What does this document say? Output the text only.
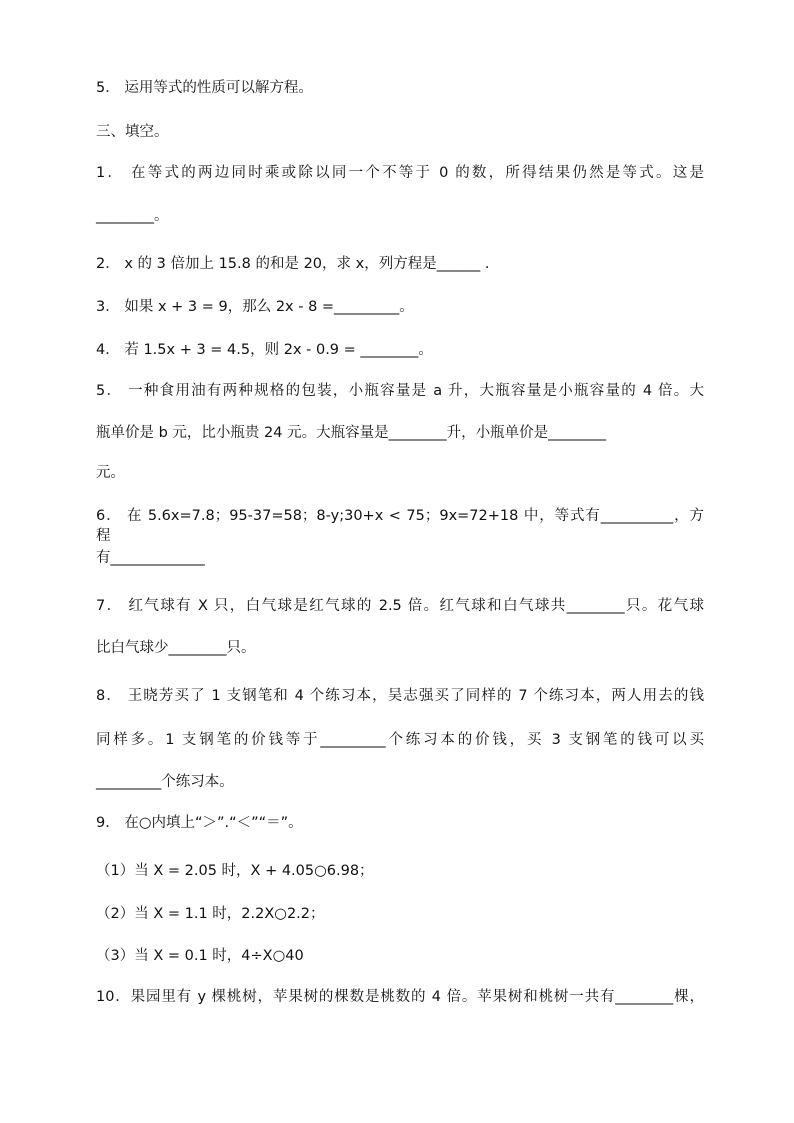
5． 运用等式的性质可以解方程。
三、填空。
1． 在等式的两边同时乘或除以同一个不等于 0 的数，所得结果仍然是等式。这是
________。
2． x 的 3 倍加上 15.8 的和是 20，求 x，列方程是______ .
3． 如果 x + 3 = 9，那么 2x - 8 =_________。
4． 若 1.5x + 3 = 4.5，则 2x - 0.9 = ________。
5． 一种食用油有两种规格的包装，小瓶容量是 a 升，大瓶容量是小瓶容量的 4 倍。大
瓶单价是 b 元，比小瓶贵 24 元。大瓶容量是________升，小瓶单价是________
元。
6． 在 5.6x=7.8；95-37=58；8-y;30+x < 75；9x=72+18 中，等式有__________，方程
有_____________
7． 红气球有 X 只，白气球是红气球的 2.5 倍。红气球和白气球共________只。花气球
比白气球少________只。
8． 王晓芳买了 1 支钢笔和 4 个练习本，吴志强买了同样的 7 个练习本，两人用去的钱
同样多。1 支钢笔的价钱等于_________个练习本的价钱，买 3 支钢笔的钱可以买
_________个练习本。
9． 在○内填上“＞”.“＜”“＝”。
（1）当 X = 2.05 时，X + 4.05○6.98；
（2）当 X = 1.1 时，2.2X○2.2；
（3）当 X = 0.1 时，4÷X○40
10．果园里有 y 棵桃树，苹果树的棵数是桃数的 4 倍。苹果树和桃树一共有________棵，
